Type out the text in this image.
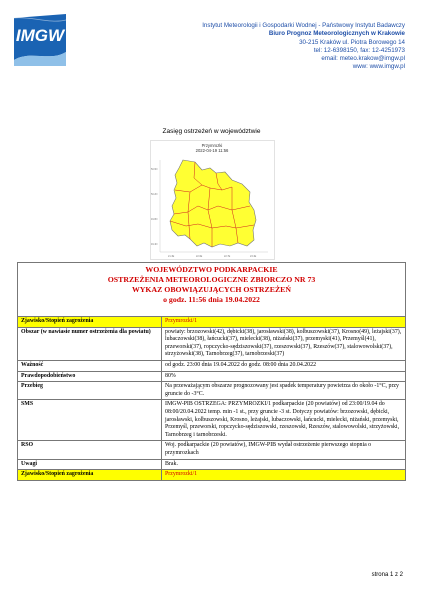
IMGW
Instytut Meteorologii i Gospodarki Wodnej - Państwowy Instytut Badawczy
Biuro Prognoz Meteorologicznych w Krakowie
30-215 Kraków ul. Piotra Borowego 14
tel: 12-6398150, fax: 12-4251973
email: meteo.krakow@imgw.pl
www: www.imgw.pl
Zasięg ostrzeżeń w województwie
Przymrozki
2022-04-19 11:56
50.6N
50.2N
49.8N
49.4N
21.3E	22.0E	22.7E	23.4E
WOJEWÓDZTWO PODKARPACKIE
OSTRZEŻENIA METEOROLOGICZNE ZBIORCZO NR 73
WYKAZ OBOWIĄZUJĄCYCH OSTRZEŻEŃ
o godz. 11:56 dnia 19.04.2022
Zjawisko/Stopień zagrożenia	Przymrozki/1
Obszar (w nawiasie numer ostrzeżenia dla powiatu)	powiaty: brzozowski(42), dębicki(38), jarosławski(38), kolbuszowski(37), Krosno(49), leżajski(37), lubaczowski(38), łańcucki(37), mielecki(38), niżański(37), przemyski(41), Przemyśl(41), przeworski(37), ropczycko-sędziszowski(37), rzeszowski(37), Rzeszów(37), stalowowolski(37), strzyżowski(38), Tarnobrzeg(37), tarnobrzeski(37)
Ważność	od godz. 23:00 dnia 19.04.2022 do godz. 08:00 dnia 20.04.2022
Prawdopodobieństwo	80%
Przebieg	Na przeważającym obszarze prognozowany jest spadek temperatury powietrza do około -1°C, przy gruncie do -3°C.
SMS	IMGW-PIB OSTRZEGA: PRZYMROZKI/1 podkarpackie (20 powiatów) od 23:00/19.04 do 08:00/20.04.2022 temp. min -1 st., przy gruncie -3 st. Dotyczy powiatów: brzozowski, dębicki, jarosławski, kolbuszowski, Krosno, leżajski, lubaczowski, łańcucki, mielecki, niżański, przemyski, Przemyśl, przeworski, ropczycko-sędziszowski, rzeszowski, Rzeszów, stalowowolski, strzyżowski, Tarnobrzeg i tarnobrzeski.
RSO	Woj. podkarpackie (20 powiatów), IMGW-PIB wydał ostrzeżenie pierwszego stopnia o przymrozkach
Uwagi	Brak.
Zjawisko/Stopień zagrożenia	Przymrozki/1
strona 1 z 2
